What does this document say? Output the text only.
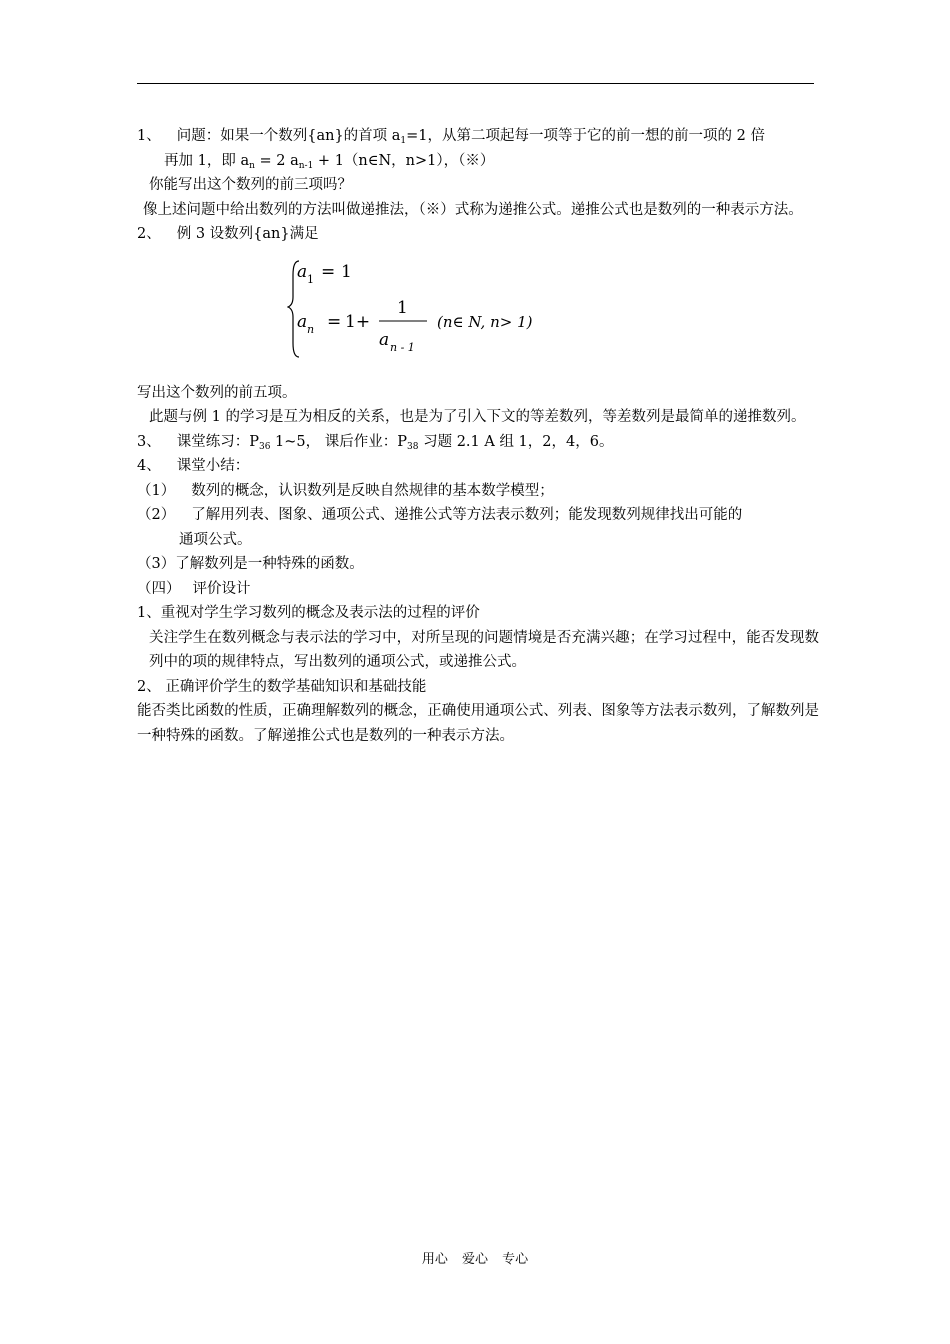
1、 问题：如果一个数列{an}的首项 $a_1=1$，从第二项起每一项等于它的前一想的前一项的 2 倍

再加 1，即 $a_n = 2$ $a_{n-1}$ + 1（n∈N，n>1），（※）

你能写出这个数列的前三项吗？

像上述问题中给出数列的方法叫做递推法，（※）式称为递推公式。递推公式也是数列的一种表示方法。

2、 例 3 设数列{an}满足

a 1 = 1
a n = 1+
1
a n - 1
(n∈ N, n> 1)

写出这个数列的前五项。

此题与例 1 的学习是互为相反的关系，也是为了引入下文的等差数列，等差数列是最简单的递推数列。

3、 课堂练习：$P_{36}$ 1~5， 课后作业：$P_{38}$ 习题 2.1 A 组 1，2，4，6。

4、 课堂小结：

（1） 数列的概念，认识数列是反映自然规律的基本数学模型；

（2） 了解用列表、图象、通项公式、递推公式等方法表示数列；能发现数列规律找出可能的

通项公式。

（3）了解数列是一种特殊的函数。

（四） 评价设计

1、重视对学生学习数列的概念及表示法的过程的评价

关注学生在数列概念与表示法的学习中，对所呈现的问题情境是否充满兴趣；在学习过程中，能否发现数列中的项的规律特点，写出数列的通项公式，或递推公式。

2、 正确评价学生的数学基础知识和基础技能

能否类比函数的性质，正确理解数列的概念，正确使用通项公式、列表、图象等方法表示数列，了解数列是一种特殊的函数。了解递推公式也是数列的一种表示方法。

用心 爱心 专心
